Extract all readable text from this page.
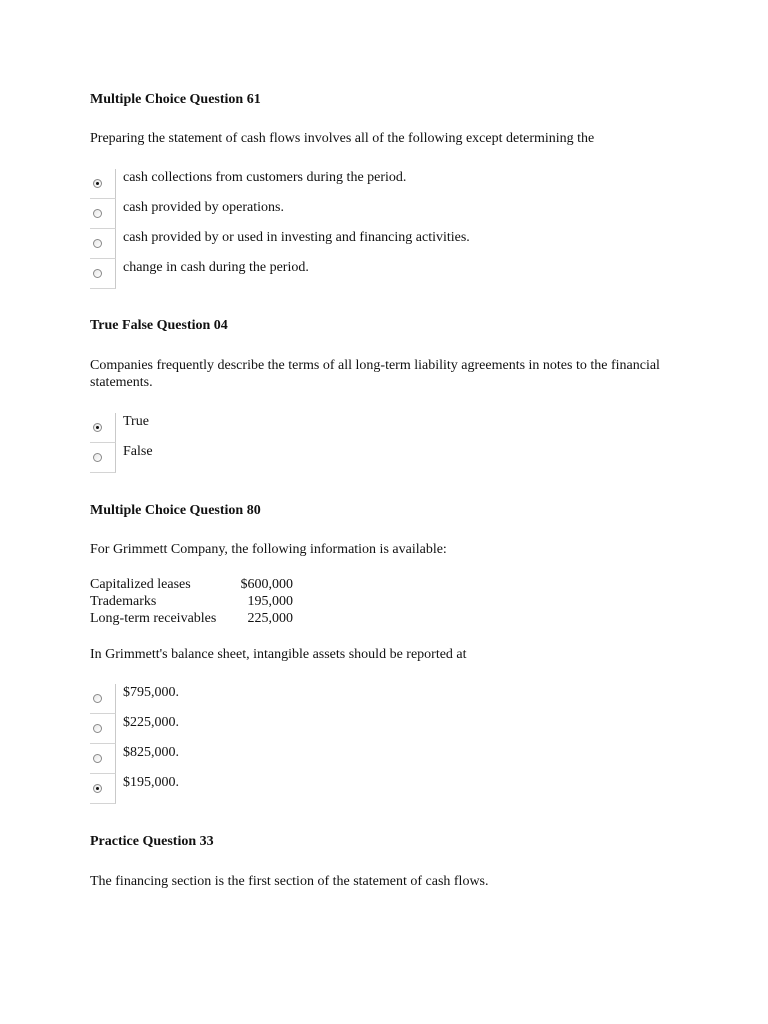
Multiple Choice Question 61
Preparing the statement of cash flows involves all of the following except determining the
cash collections from customers during the period.
cash provided by operations.
cash provided by or used in investing and financing activities.
change in cash during the period.
True False Question 04
Companies frequently describe the terms of all long-term liability agreements in notes to the financial statements.
True
False
Multiple Choice Question 80
For Grimmett Company, the following information is available:
Capitalized leases	$600,000
Trademarks	195,000
Long-term receivables	225,000
In Grimmett's balance sheet, intangible assets should be reported at
$795,000.
$225,000.
$825,000.
$195,000.
Practice Question 33
The financing section is the first section of the statement of cash flows.
